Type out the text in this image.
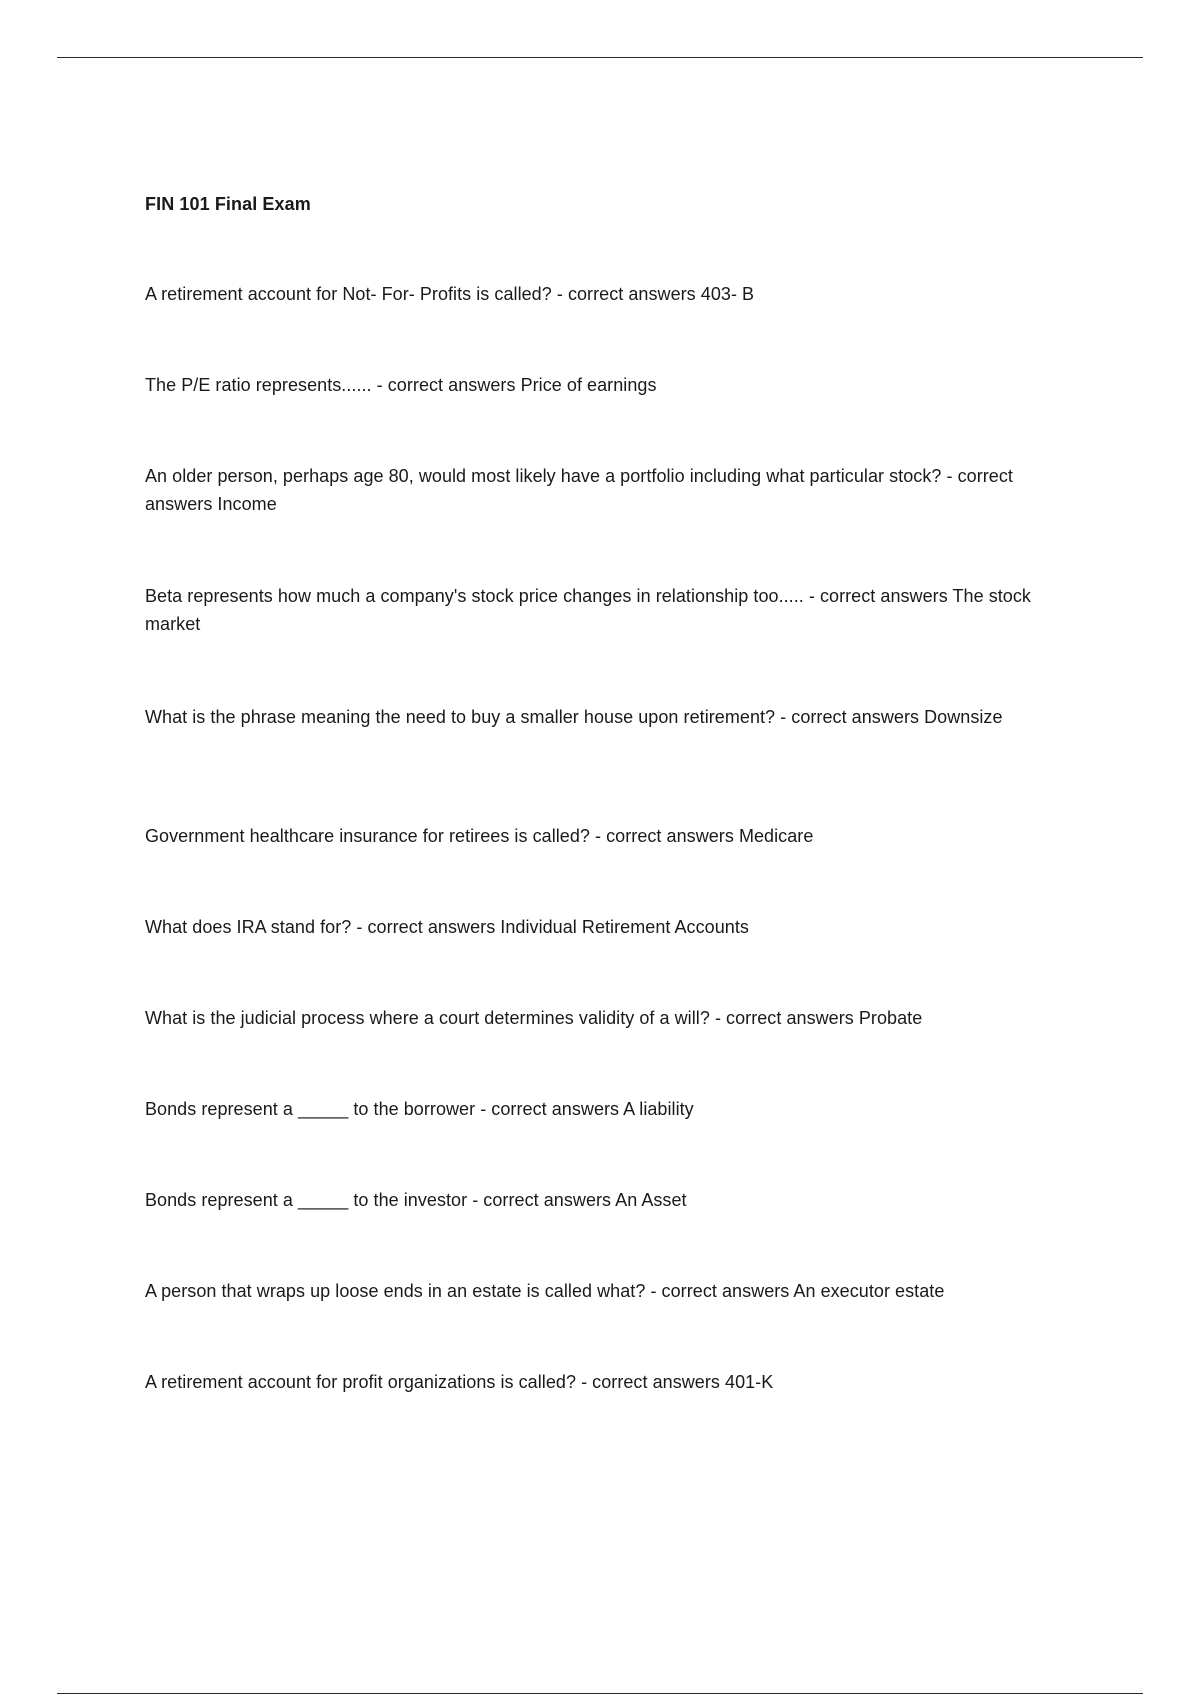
FIN 101 Final Exam
A retirement account for Not- For- Profits is called? - correct answers 403- B
The P/E ratio represents...... - correct answers Price of earnings
An older person, perhaps age 80, would most likely have a portfolio including what particular stock? - correct answers Income
Beta represents how much a company's stock price changes in relationship too..... - correct answers The stock market
What is the phrase meaning the need to buy a smaller house upon retirement? - correct answers Downsize
Government healthcare insurance for retirees is called? - correct answers Medicare
What does IRA stand for? - correct answers Individual Retirement Accounts
What is the judicial process where a court determines validity of a will? - correct answers Probate
Bonds represent a _____ to the borrower - correct answers A liability
Bonds represent a _____ to the investor - correct answers An Asset
A person that wraps up loose ends in an estate is called what? - correct answers An executor estate
A retirement account for profit organizations is called? - correct answers 401-K
